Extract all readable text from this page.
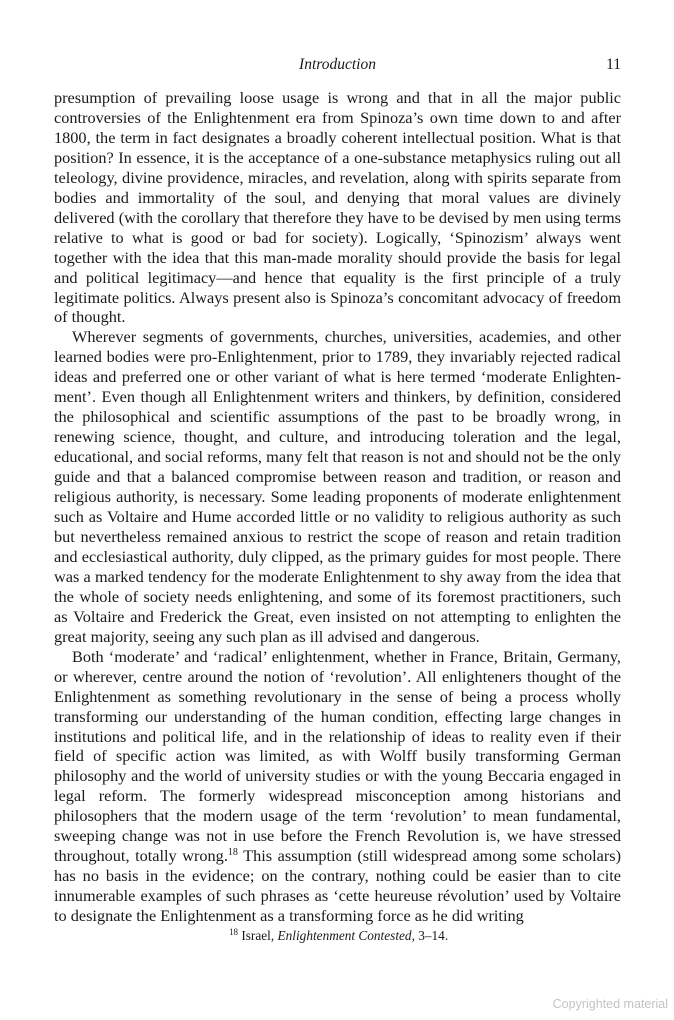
Introduction	11

presumption of prevailing loose usage is wrong and that in all the major public controversies of the Enlightenment era from Spinoza’s own time down to and after 1800, the term in fact designates a broadly coherent intellectual position. What is that position? In essence, it is the acceptance of a one-substance metaphysics ruling out all teleology, divine providence, miracles, and revelation, along with spirits separate from bodies and immortality of the soul, and denying that moral values are divinely delivered (with the corollary that therefore they have to be devised by men using terms relative to what is good or bad for society). Logically, ‘Spinozism’ always went together with the idea that this man-made morality should provide the basis for legal and political legitimacy—and hence that equality is the first principle of a truly legitimate politics. Always present also is Spinoza’s concomitant advocacy of freedom of thought.

Wherever segments of governments, churches, universities, academies, and other learned bodies were pro-Enlightenment, prior to 1789, they invariably rejected radical ideas and preferred one or other variant of what is here termed ‘moderate Enlightenment’. Even though all Enlightenment writers and thinkers, by definition, considered the philosophical and scientific assumptions of the past to be broadly wrong, in renewing science, thought, and culture, and introducing toleration and the legal, educational, and social reforms, many felt that reason is not and should not be the only guide and that a balanced compromise between reason and tradition, or reason and religious authority, is necessary. Some leading proponents of moderate enlightenment such as Voltaire and Hume accorded little or no validity to religious authority as such but nevertheless remained anxious to restrict the scope of reason and retain tradition and ecclesiastical authority, duly clipped, as the primary guides for most people. There was a marked tendency for the moderate Enlightenment to shy away from the idea that the whole of society needs enlightening, and some of its foremost practitioners, such as Voltaire and Frederick the Great, even insisted on not attempting to enlighten the great majority, seeing any such plan as ill advised and dangerous.

Both ‘moderate’ and ‘radical’ enlightenment, whether in France, Britain, Germany, or wherever, centre around the notion of ‘revolution’. All enlighteners thought of the Enlightenment as something revolutionary in the sense of being a process wholly transforming our understanding of the human condition, effecting large changes in institutions and political life, and in the relationship of ideas to reality even if their field of specific action was limited, as with Wolff busily transforming German philosophy and the world of university studies or with the young Beccaria engaged in legal reform. The formerly widespread misconception among historians and philosophers that the modern usage of the term ‘revolution’ to mean fundamental, sweeping change was not in use before the French Revolution is, we have stressed throughout, totally wrong.$^{18}$ This assumption (still widespread among some scholars) has no basis in the evidence; on the contrary, nothing could be easier than to cite innumerable examples of such phrases as ‘cette heureuse révolution’ used by Voltaire to designate the Enlightenment as a transforming force as he did writing

$^{18}$ Israel, Enlightenment Contested, 3–14.
Copyrighted material
